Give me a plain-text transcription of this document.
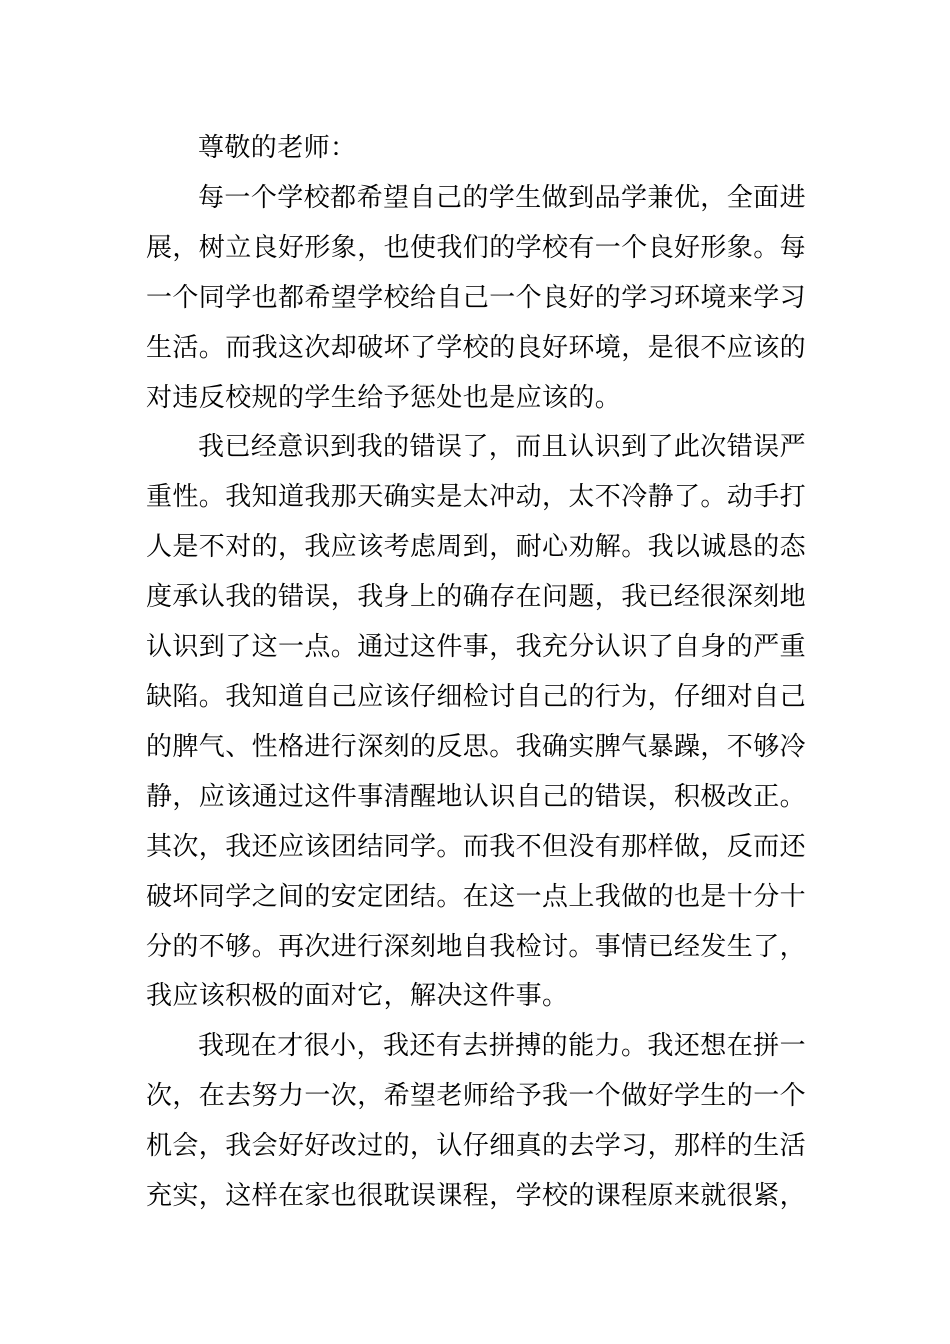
尊敬的老师：

每一个学校都希望自己的学生做到品学兼优，全面进展，树立良好形象，也使我们的学校有一个良好形象。每一个同学也都希望学校给自己一个良好的学习环境来学习生活。而我这次却破坏了学校的良好环境，是很不应该的对违反校规的学生给予惩处也是应该的。

我已经意识到我的错误了，而且认识到了此次错误严重性。我知道我那天确实是太冲动，太不冷静了。动手打人是不对的，我应该考虑周到，耐心劝解。我以诚恳的态度承认我的错误，我身上的确存在问题，我已经很深刻地认识到了这一点。通过这件事，我充分认识了自身的严重缺陷。我知道自己应该仔细检讨自己的行为，仔细对自己的脾气、性格进行深刻的反思。我确实脾气暴躁，不够冷静，应该通过这件事清醒地认识自己的错误，积极改正。其次，我还应该团结同学。而我不但没有那样做，反而还破坏同学之间的安定团结。在这一点上我做的也是十分十分的不够。再次进行深刻地自我检讨。事情已经发生了，我应该积极的面对它，解决这件事。

我现在才很小，我还有去拼搏的能力。我还想在拼一次，在去努力一次，希望老师给予我一个做好学生的一个机会，我会好好改过的，认仔细真的去学习，那样的生活充实，这样在家也很耽误课程，学校的课程原来就很紧，
